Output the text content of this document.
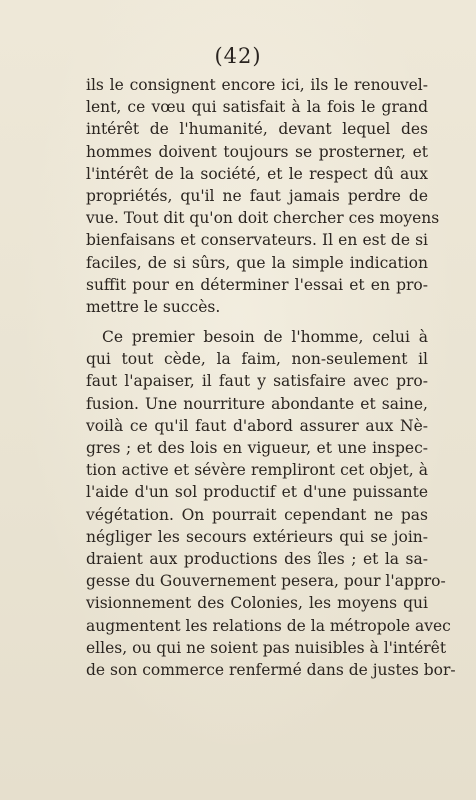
(42)
ils le consignent encore ici, ils le renouvel-
lent, ce vœu qui satisfait à la fois le grand
intérêt de l'humanité, devant lequel des
hommes doivent toujours se prosterner, et
l'intérêt de la société, et le respect dû aux
propriétés, qu'il ne faut jamais perdre de
vue. Tout dit qu'on doit chercher ces moyens
bienfaisans et conservateurs. Il en est de si
faciles, de si sûrs, que la simple indication
suffit pour en déterminer l'essai et en pro-
mettre le succès.
Ce premier besoin de l'homme, celui à
qui tout cède, la faim, non-seulement il
faut l'apaiser, il faut y satisfaire avec pro-
fusion. Une nourriture abondante et saine,
voilà ce qu'il faut d'abord assurer aux Nè-
gres ; et des lois en vigueur, et une inspec-
tion active et sévère rempliront cet objet, à
l'aide d'un sol productif et d'une puissante
végétation. On pourrait cependant ne pas
négliger les secours extérieurs qui se join-
draient aux productions des îles ; et la sa-
gesse du Gouvernement pesera, pour l'appro-
visionnement des Colonies, les moyens qui
augmentent les relations de la métropole avec
elles, ou qui ne soient pas nuisibles à l'intérêt
de son commerce renfermé dans de justes bor-
